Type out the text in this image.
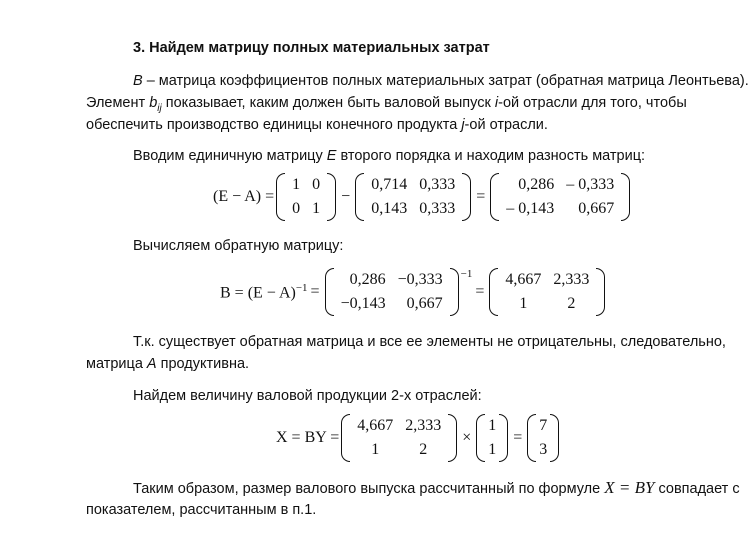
3. Найдем матрицу полных материальных затрат
B – матрица коэффициентов полных материальных затрат (обратная матрица Леонтьева).
Элемент $b_{ij}$ показывает, каким должен быть валовой выпуск i-ой отрасли для того, чтобы
обеспечить производство единицы конечного продукта j-ой отрасли.
Вводим единичную матрицу E второго порядка и находим разность матриц:
(E − A) =
1	0
0	1
−
0,714	0,333
0,143	0,333
=
0,286	– 0,333
– 0,143	0,667
Вычисляем обратную матрицу:
$B = (E - A)^{-1}$ =
0,286	−0,333
−0,143	0,667
$^{-1}$
=
4,667	2,333
1	2
Т.к. существует обратная матрица и все ее элементы не отрицательны, следовательно,
матрица A продуктивна.
Найдем величину валовой продукции 2-х отраслей:
X = BY =
4,667	2,333
1	2
×
1
1
=
7
3
Таким образом, размер валового выпуска рассчитанный по формуле X = BY совпадает с
показателем, рассчитанным в п.1.
